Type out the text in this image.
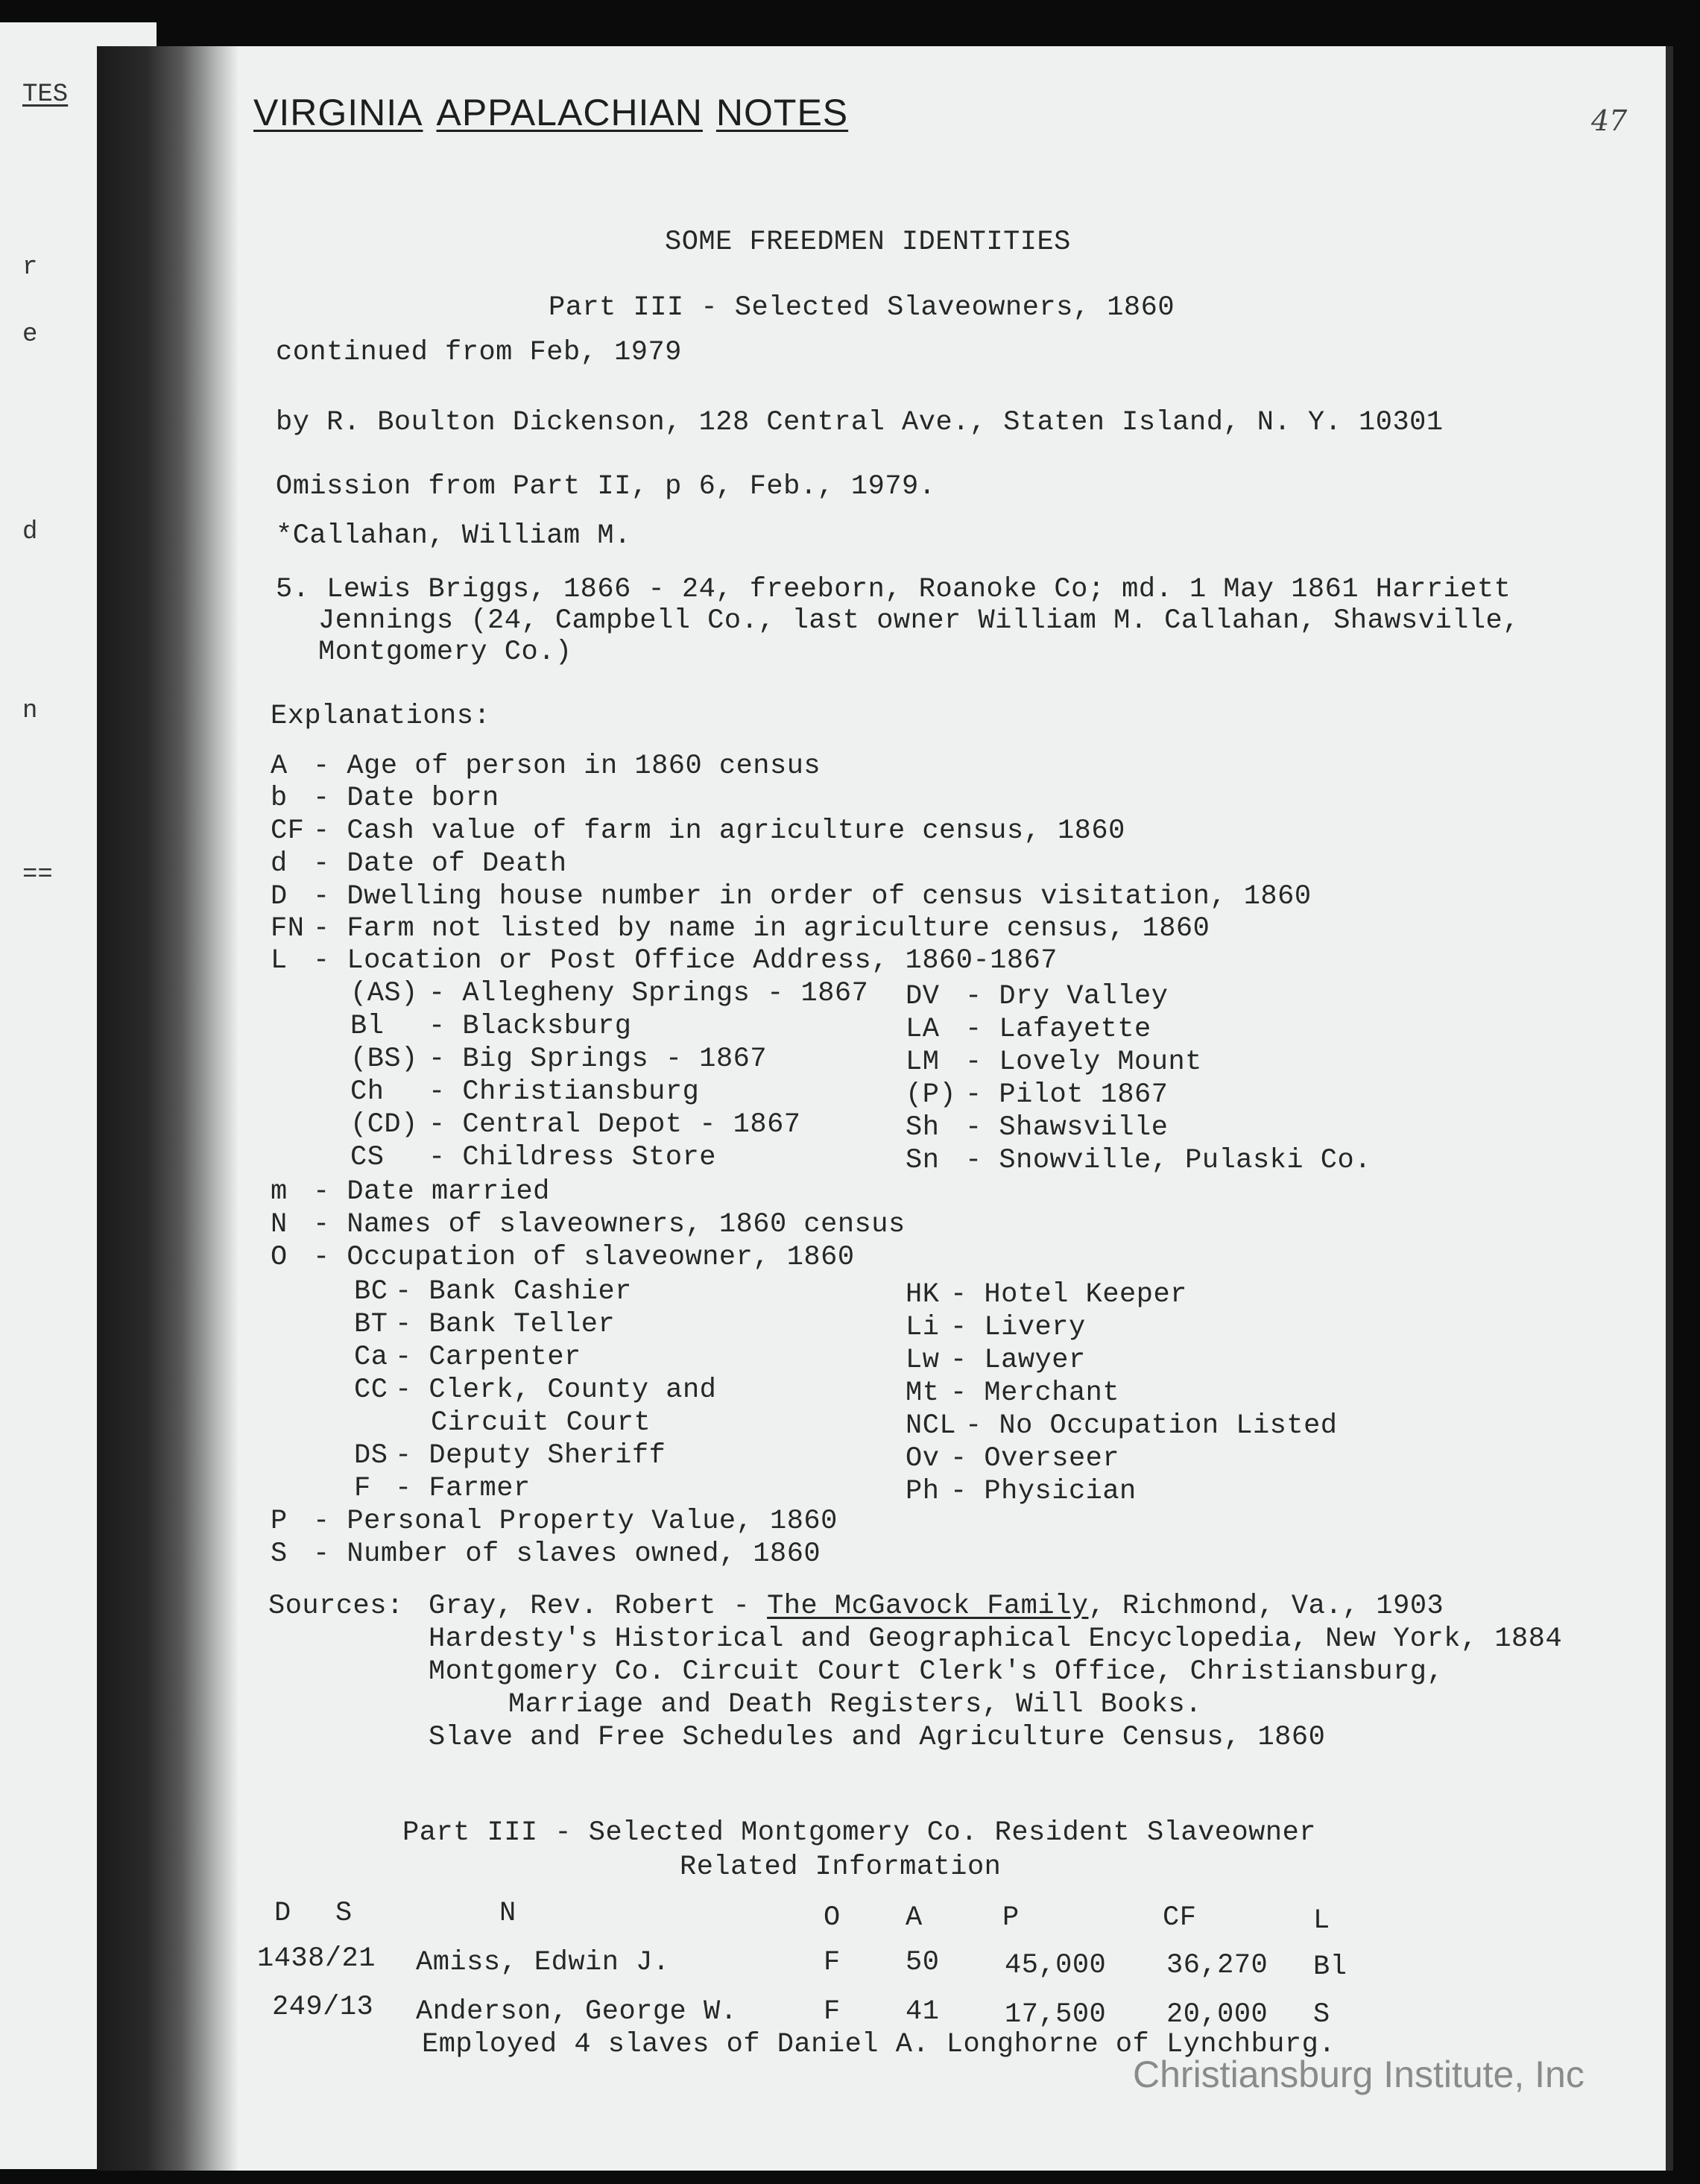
TES
r
e
d
n
==
VIRGINIA APPALACHIAN NOTES	47
SOME FREEDMEN IDENTITIES
Part III - Selected Slaveowners, 1860
continued from Feb, 1979
by R. Boulton Dickenson, 128 Central Ave., Staten Island, N. Y. 10301
Omission from Part II, p 6, Feb., 1979.
*Callahan, William M.
5. Lewis Briggs, 1866 - 24, freeborn, Roanoke Co; md. 1 May 1861 Harriett
Jennings (24, Campbell Co., last owner William M. Callahan, Shawsville,
Montgomery Co.)
Explanations:
A - Age of person in 1860 census
b - Date born
CF - Cash value of farm in agriculture census, 1860
d - Date of Death
D - Dwelling house number in order of census visitation, 1860
FN - Farm not listed by name in agriculture census, 1860
L - Location or Post Office Address, 1860-1867
(AS) - Allegheny Springs - 1867
Bl - Blacksburg
(BS) - Big Springs - 1867
Ch - Christiansburg
(CD) - Central Depot - 1867
CS - Childress Store
DV - Dry Valley
LA - Lafayette
LM - Lovely Mount
(P) - Pilot 1867
Sh - Shawsville
Sn - Snowville, Pulaski Co.
m - Date married
N - Names of slaveowners, 1860 census
O - Occupation of slaveowner, 1860
BC - Bank Cashier
BT - Bank Teller
Ca - Carpenter
CC - Clerk, County and
Circuit Court
DS - Deputy Sheriff
F - Farmer
HK - Hotel Keeper
Li - Livery
Lw - Lawyer
Mt - Merchant
NCL - No Occupation Listed
Ov - Overseer
Ph - Physician
P - Personal Property Value, 1860
S - Number of slaves owned, 1860
Sources: Gray, Rev. Robert - The McGavock Family, Richmond, Va., 1903
Hardesty's Historical and Geographical Encyclopedia, New York, 1884
Montgomery Co. Circuit Court Clerk's Office, Christiansburg,
Marriage and Death Registers, Will Books.
Slave and Free Schedules and Agriculture Census, 1860
Part III - Selected Montgomery Co. Resident Slaveowner
Related Information
D S	N	O A	P	CF	L
1438/21 Amiss, Edwin J.	F 50 45,000 36,270 Bl
249/13 Anderson, George W.	F 41 17,500 20,000 S
Employed 4 slaves of Daniel A. Longhorne of Lynchburg.
Christiansburg Institute, Inc
